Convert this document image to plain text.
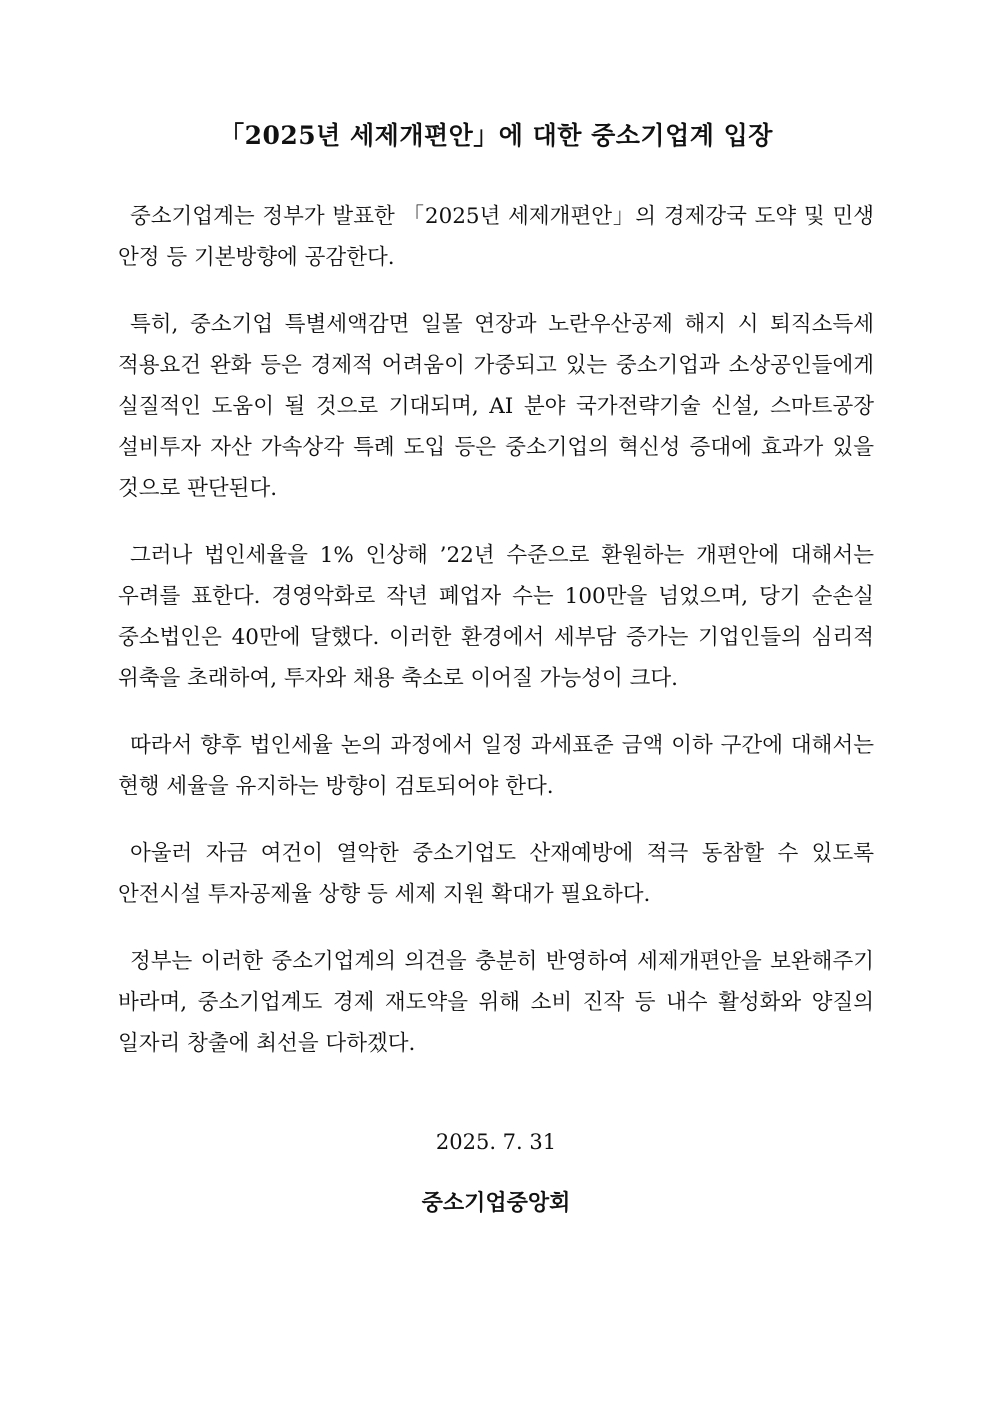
「2025년 세제개편안」에 대한 중소기업계 입장

중소기업계는 정부가 발표한 「2025년 세제개편안」의 경제강국 도약 및 민생 안정 등 기본방향에 공감한다.

특히, 중소기업 특별세액감면 일몰 연장과 노란우산공제 해지 시 퇴직소득세 적용요건 완화 등은 경제적 어려움이 가중되고 있는 중소기업과 소상공인들에게 실질적인 도움이 될 것으로 기대되며, AI 분야 국가전략기술 신설, 스마트공장 설비투자 자산 가속상각 특례 도입 등은 중소기업의 혁신성 증대에 효과가 있을 것으로 판단된다.

그러나 법인세율을 1% 인상해 ’22년 수준으로 환원하는 개편안에 대해서는 우려를 표한다. 경영악화로 작년 폐업자 수는 100만을 넘었으며, 당기 순손실 중소법인은 40만에 달했다. 이러한 환경에서 세부담 증가는 기업인들의 심리적 위축을 초래하여, 투자와 채용 축소로 이어질 가능성이 크다.

따라서 향후 법인세율 논의 과정에서 일정 과세표준 금액 이하 구간에 대해서는 현행 세율을 유지하는 방향이 검토되어야 한다.

아울러 자금 여건이 열악한 중소기업도 산재예방에 적극 동참할 수 있도록 안전시설 투자공제율 상향 등 세제 지원 확대가 필요하다.

정부는 이러한 중소기업계의 의견을 충분히 반영하여 세제개편안을 보완해주기 바라며, 중소기업계도 경제 재도약을 위해 소비 진작 등 내수 활성화와 양질의 일자리 창출에 최선을 다하겠다.

2025. 7. 31
중소기업중앙회
